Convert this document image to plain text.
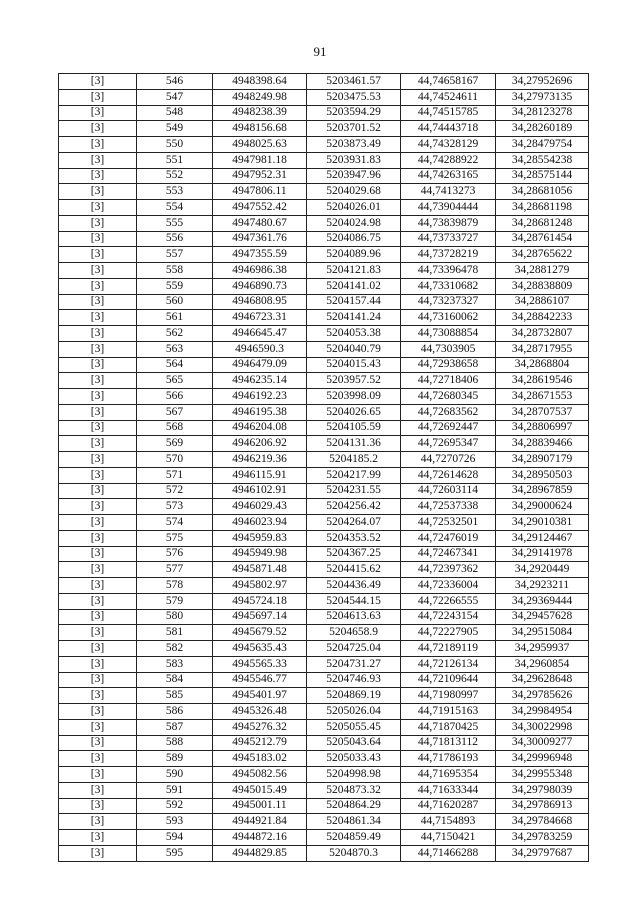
91
[3]	546	4948398.64	5203461.57	44,74658167	34,27952696
[3]	547	4948249.98	5203475.53	44,74524611	34,27973135
[3]	548	4948238.39	5203594.29	44,74515785	34,28123278
[3]	549	4948156.68	5203701.52	44,74443718	34,28260189
[3]	550	4948025.63	5203873.49	44,74328129	34,28479754
[3]	551	4947981.18	5203931.83	44,74288922	34,28554238
[3]	552	4947952.31	5203947.96	44,74263165	34,28575144
[3]	553	4947806.11	5204029.68	44,7413273	34,28681056
[3]	554	4947552.42	5204026.01	44,73904444	34,28681198
[3]	555	4947480.67	5204024.98	44,73839879	34,28681248
[3]	556	4947361.76	5204086.75	44,73733727	34,28761454
[3]	557	4947355.59	5204089.96	44,73728219	34,28765622
[3]	558	4946986.38	5204121.83	44,73396478	34,2881279
[3]	559	4946890.73	5204141.02	44,73310682	34,28838809
[3]	560	4946808.95	5204157.44	44,73237327	34,2886107
[3]	561	4946723.31	5204141.24	44,73160062	34,28842233
[3]	562	4946645.47	5204053.38	44,73088854	34,28732807
[3]	563	4946590.3	5204040.79	44,7303905	34,28717955
[3]	564	4946479.09	5204015.43	44,72938658	34,2868804
[3]	565	4946235.14	5203957.52	44,72718406	34,28619546
[3]	566	4946192.23	5203998.09	44,72680345	34,28671553
[3]	567	4946195.38	5204026.65	44,72683562	34,28707537
[3]	568	4946204.08	5204105.59	44,72692447	34,28806997
[3]	569	4946206.92	5204131.36	44,72695347	34,28839466
[3]	570	4946219.36	5204185.2	44,7270726	34,28907179
[3]	571	4946115.91	5204217.99	44,72614628	34,28950503
[3]	572	4946102.91	5204231.55	44,72603114	34,28967859
[3]	573	4946029.43	5204256.42	44,72537338	34,29000624
[3]	574	4946023.94	5204264.07	44,72532501	34,29010381
[3]	575	4945959.83	5204353.52	44,72476019	34,29124467
[3]	576	4945949.98	5204367.25	44,72467341	34,29141978
[3]	577	4945871.48	5204415.62	44,72397362	34,2920449
[3]	578	4945802.97	5204436.49	44,72336004	34,2923211
[3]	579	4945724.18	5204544.15	44,72266555	34,29369444
[3]	580	4945697.14	5204613.63	44,72243154	34,29457628
[3]	581	4945679.52	5204658.9	44,72227905	34,29515084
[3]	582	4945635.43	5204725.04	44,72189119	34,2959937
[3]	583	4945565.33	5204731.27	44,72126134	34,2960854
[3]	584	4945546.77	5204746.93	44,72109644	34,29628648
[3]	585	4945401.97	5204869.19	44,71980997	34,29785626
[3]	586	4945326.48	5205026.04	44,71915163	34,29984954
[3]	587	4945276.32	5205055.45	44,71870425	34,30022998
[3]	588	4945212.79	5205043.64	44,71813112	34,30009277
[3]	589	4945183.02	5205033.43	44,71786193	34,29996948
[3]	590	4945082.56	5204998.98	44,71695354	34,29955348
[3]	591	4945015.49	5204873.32	44,71633344	34,29798039
[3]	592	4945001.11	5204864.29	44,71620287	34,29786913
[3]	593	4944921.84	5204861.34	44,7154893	34,29784668
[3]	594	4944872.16	5204859.49	44,7150421	34,29783259
[3]	595	4944829.85	5204870.3	44,71466288	34,29797687
